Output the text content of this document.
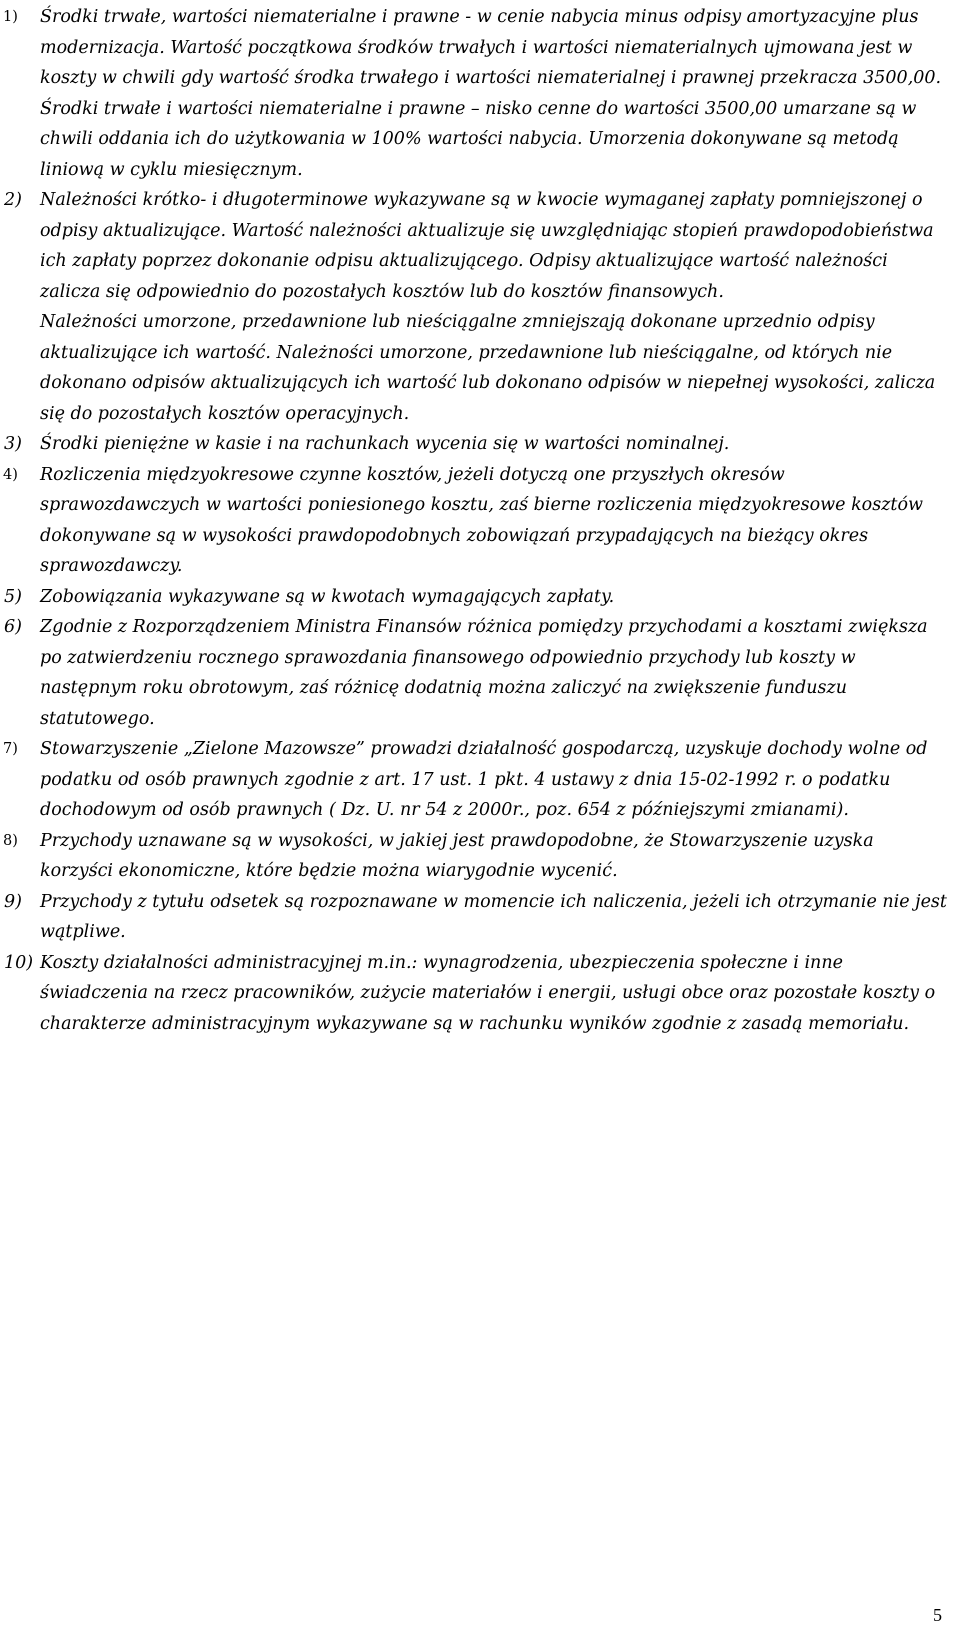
1) Środki trwałe, wartości niematerialne i prawne - w cenie nabycia minus odpisy amortyzacyjne plus modernizacja. Wartość początkowa środków trwałych i wartości niematerialnych ujmowana jest w koszty w chwili gdy wartość środka trwałego i wartości niematerialnej i prawnej przekracza 3500,00. Środki trwałe i wartości niematerialne i prawne – nisko cenne do wartości 3500,00 umarzane są w chwili oddania ich do użytkowania w 100% wartości nabycia. Umorzenia dokonywane są metodą liniową w cyklu miesięcznym.
2) Należności krótko- i długoterminowe wykazywane są w kwocie wymaganej zapłaty pomniejszonej o odpisy aktualizujące. Wartość należności aktualizuje się uwzględniając stopień prawdopodobieństwa ich zapłaty poprzez dokonanie odpisu aktualizującego. Odpisy aktualizujące wartość należności zalicza się odpowiednio do pozostałych kosztów lub do kosztów finansowych.
Należności umorzone, przedawnione lub nieściągalne zmniejszają dokonane uprzednio odpisy aktualizujące ich wartość. Należności umorzone, przedawnione lub nieściągalne, od których nie dokonano odpisów aktualizujących ich wartość lub dokonano odpisów w niepełnej wysokości, zalicza się do pozostałych kosztów operacyjnych.
3) Środki pieniężne w kasie i na rachunkach wycenia się w wartości nominalnej.
4) Rozliczenia międzyokresowe czynne kosztów, jeżeli dotyczą one przyszłych okresów sprawozdawczych w wartości poniesionego kosztu, zaś bierne rozliczenia międzyokresowe kosztów dokonywane są w wysokości prawdopodobnych zobowiązań przypadających na bieżący okres sprawozdawczy.
5) Zobowiązania wykazywane są w kwotach wymagających zapłaty.
6) Zgodnie z Rozporządzeniem Ministra Finansów różnica pomiędzy przychodami a kosztami zwiększa po zatwierdzeniu rocznego sprawozdania finansowego odpowiednio przychody lub koszty w następnym roku obrotowym, zaś różnicę dodatnią można zaliczyć na zwiększenie funduszu statutowego.
7) Stowarzyszenie „Zielone Mazowsze” prowadzi działalność gospodarczą, uzyskuje dochody wolne od podatku od osób prawnych zgodnie z art. 17 ust. 1 pkt. 4 ustawy z dnia 15-02-1992 r. o podatku dochodowym od osób prawnych ( Dz. U. nr 54 z 2000r., poz. 654 z późniejszymi zmianami).
8) Przychody uznawane są w wysokości, w jakiej jest prawdopodobne, że Stowarzyszenie uzyska korzyści ekonomiczne, które będzie można wiarygodnie wycenić.
9) Przychody z tytułu odsetek są rozpoznawane w momencie ich naliczenia, jeżeli ich otrzymanie nie jest wątpliwe.
10) Koszty działalności administracyjnej m.in.: wynagrodzenia, ubezpieczenia społeczne i inne świadczenia na rzecz pracowników, zużycie materiałów i energii, usługi obce oraz pozostałe koszty o charakterze administracyjnym wykazywane są w rachunku wyników zgodnie z zasadą memoriału.
5
